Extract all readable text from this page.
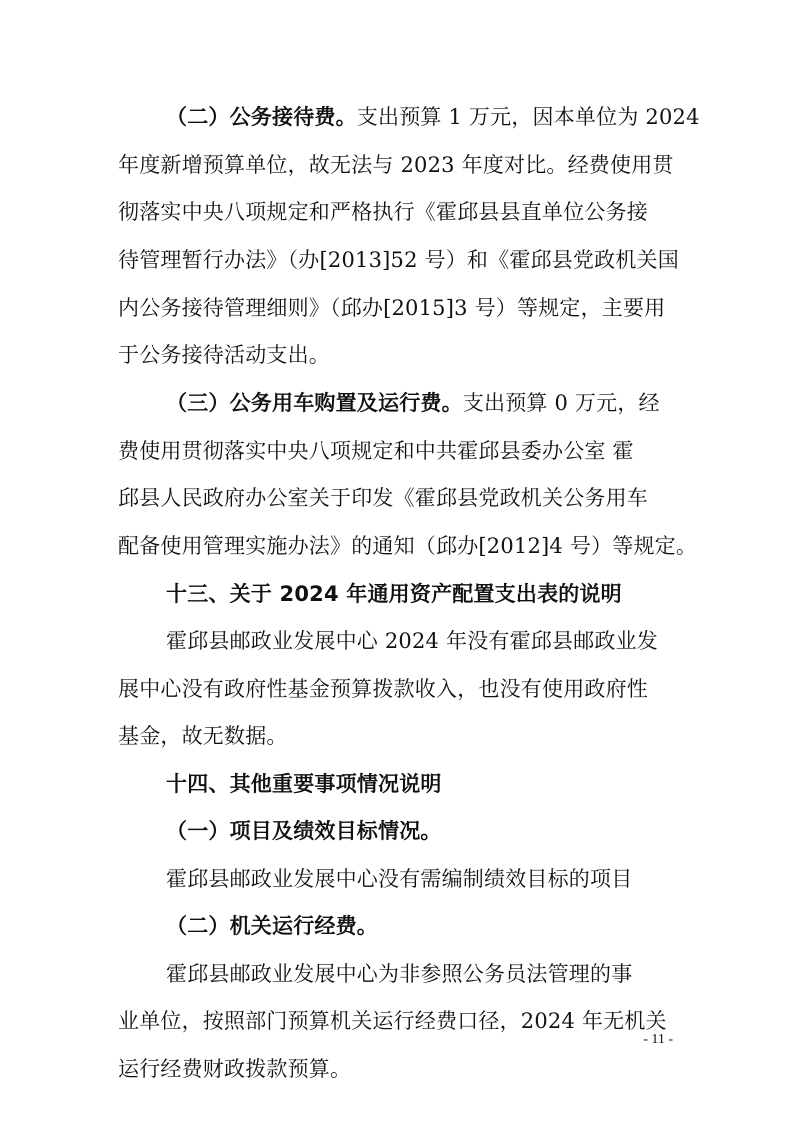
（二）公务接待费。支出预算 1 万元，因本单位为 2024
年度新增预算单位，故无法与 2023 年度对比。经费使用贯
彻落实中央八项规定和严格执行《霍邱县县直单位公务接
待管理暂行办法》（办[2013]52 号）和《霍邱县党政机关国
内公务接待管理细则》（邱办[2015]3 号）等规定，主要用
于公务接待活动支出。
（三）公务用车购置及运行费。支出预算 0 万元，经
费使用贯彻落实中央八项规定和中共霍邱县委办公室 霍
邱县人民政府办公室关于印发《霍邱县党政机关公务用车
配备使用管理实施办法》的通知（邱办[2012]4 号）等规定。
十三、关于 2024 年通用资产配置支出表的说明
霍邱县邮政业发展中心 2024 年没有霍邱县邮政业发
展中心没有政府性基金预算拨款收入，也没有使用政府性
基金，故无数据。
十四、其他重要事项情况说明
（一）项目及绩效目标情况。
霍邱县邮政业发展中心没有需编制绩效目标的项目
（二）机关运行经费。
霍邱县邮政业发展中心为非参照公务员法管理的事
业单位，按照部门预算机关运行经费口径，2024 年无机关
运行经费财政拨款预算。
- 11 -
